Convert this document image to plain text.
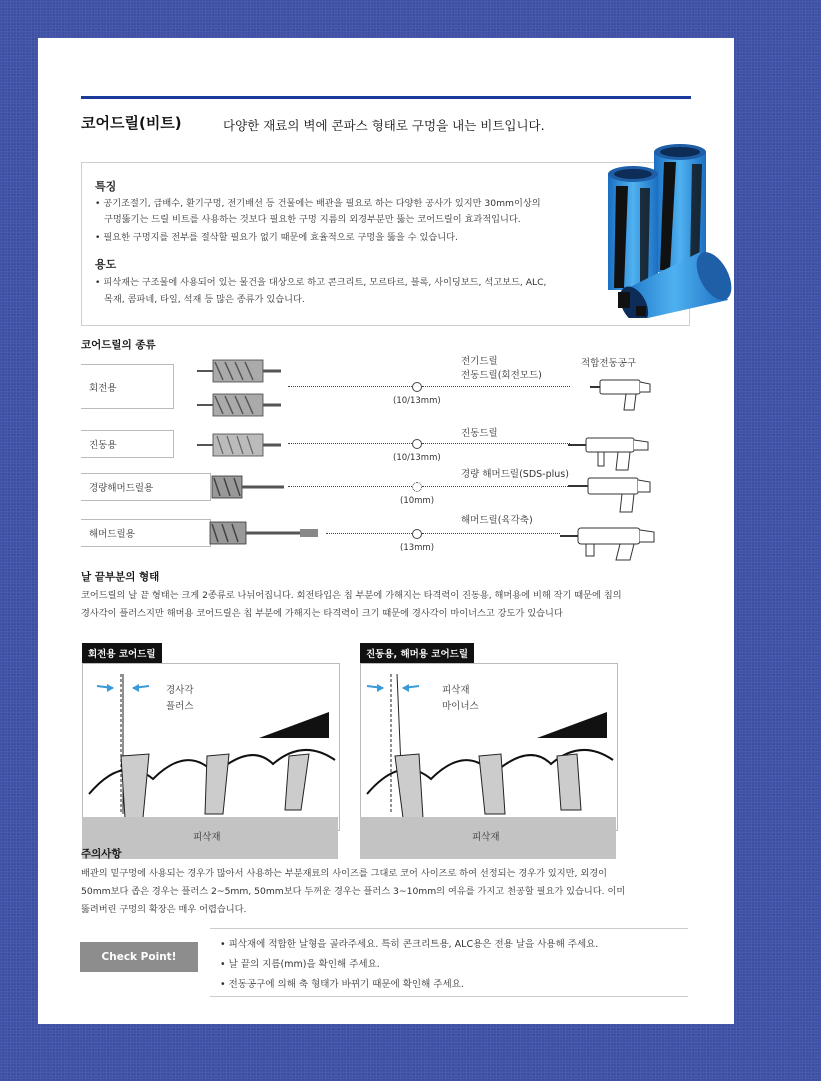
코어드릴(비트)	다양한 재료의 벽에 콘파스 형태로 구멍을 내는 비트입니다.
특징
• 공기조절기, 급배수, 환기구멍, 전기배선 등 건물에는 배관을 필요로 하는 다양한 공사가 있지만 30mm이상의
구멍뚫기는 드릴 비트를 사용하는 것보다 필요한 구멍 지름의 외경부분만 뚫는 코어드릴이 효과적입니다.
• 필요한 구멍지를 전부를 절삭할 필요가 없기 때문에 효율적으로 구멍을 뚫을 수 있습니다.
용도
• 피삭재는 구조물에 사용되어 있는 물건을 대상으로 하고 콘크리트, 모르타르, 블록, 사이딩보드, 석고보드, ALC,
목재, 콤파네, 타일, 석재 등 많은 종류가 있습니다.
코어드릴의 종류
전기드릴
전동드릴(회전모드)
적합전동공구
회전용
(10/13mm)
진동드릴
진동용
(10/13mm)
경량 해머드릴(SDS-plus)
경량해머드릴용
(10mm)
해머드릴(육각축)
해머드릴용
(13mm)
날 끝부분의 형태
코어드릴의 날 끝 형태는 크게 2종류로 나뉘어집니다. 회전타입은 칩 부분에 가해지는 타격력이 진동용, 해머용에 비해 작기 때문에 칩의
경사각이 플러스지만 해머용 코어드릴은 칩 부분에 가해지는 타격력이 크기 때문에 경사각이 마이너스고 강도가 있습니다
회전용 코어드릴
피삭재
경사각
플러스
회전방향
진동용, 해머용 코어드릴
피삭재
피삭재
마이너스
회전방향
주의사항
배관의 밑구멍에 사용되는 경우가 많아서 사용하는 부분재료의 사이즈를 그대로 코어 사이즈로 하여 선정되는 경우가 있지만, 외경이
50mm보다 좁은 경우는 플러스 2~5mm, 50mm보다 두꺼운 경우는 플러스 3~10mm의 여유를 가지고 천공할 필요가 있습니다. 이미
뚫려버린 구멍의 확장은 매우 어렵습니다.
Check Point!
• 피삭재에 적합한 날형을 골라주세요. 특히 콘크리트용, ALC용은 전용 날을 사용해 주세요.
• 날 끝의 지름(mm)을 확인해 주세요.
• 전동공구에 의해 축 형태가 바뀌기 때문에 확인해 주세요.
